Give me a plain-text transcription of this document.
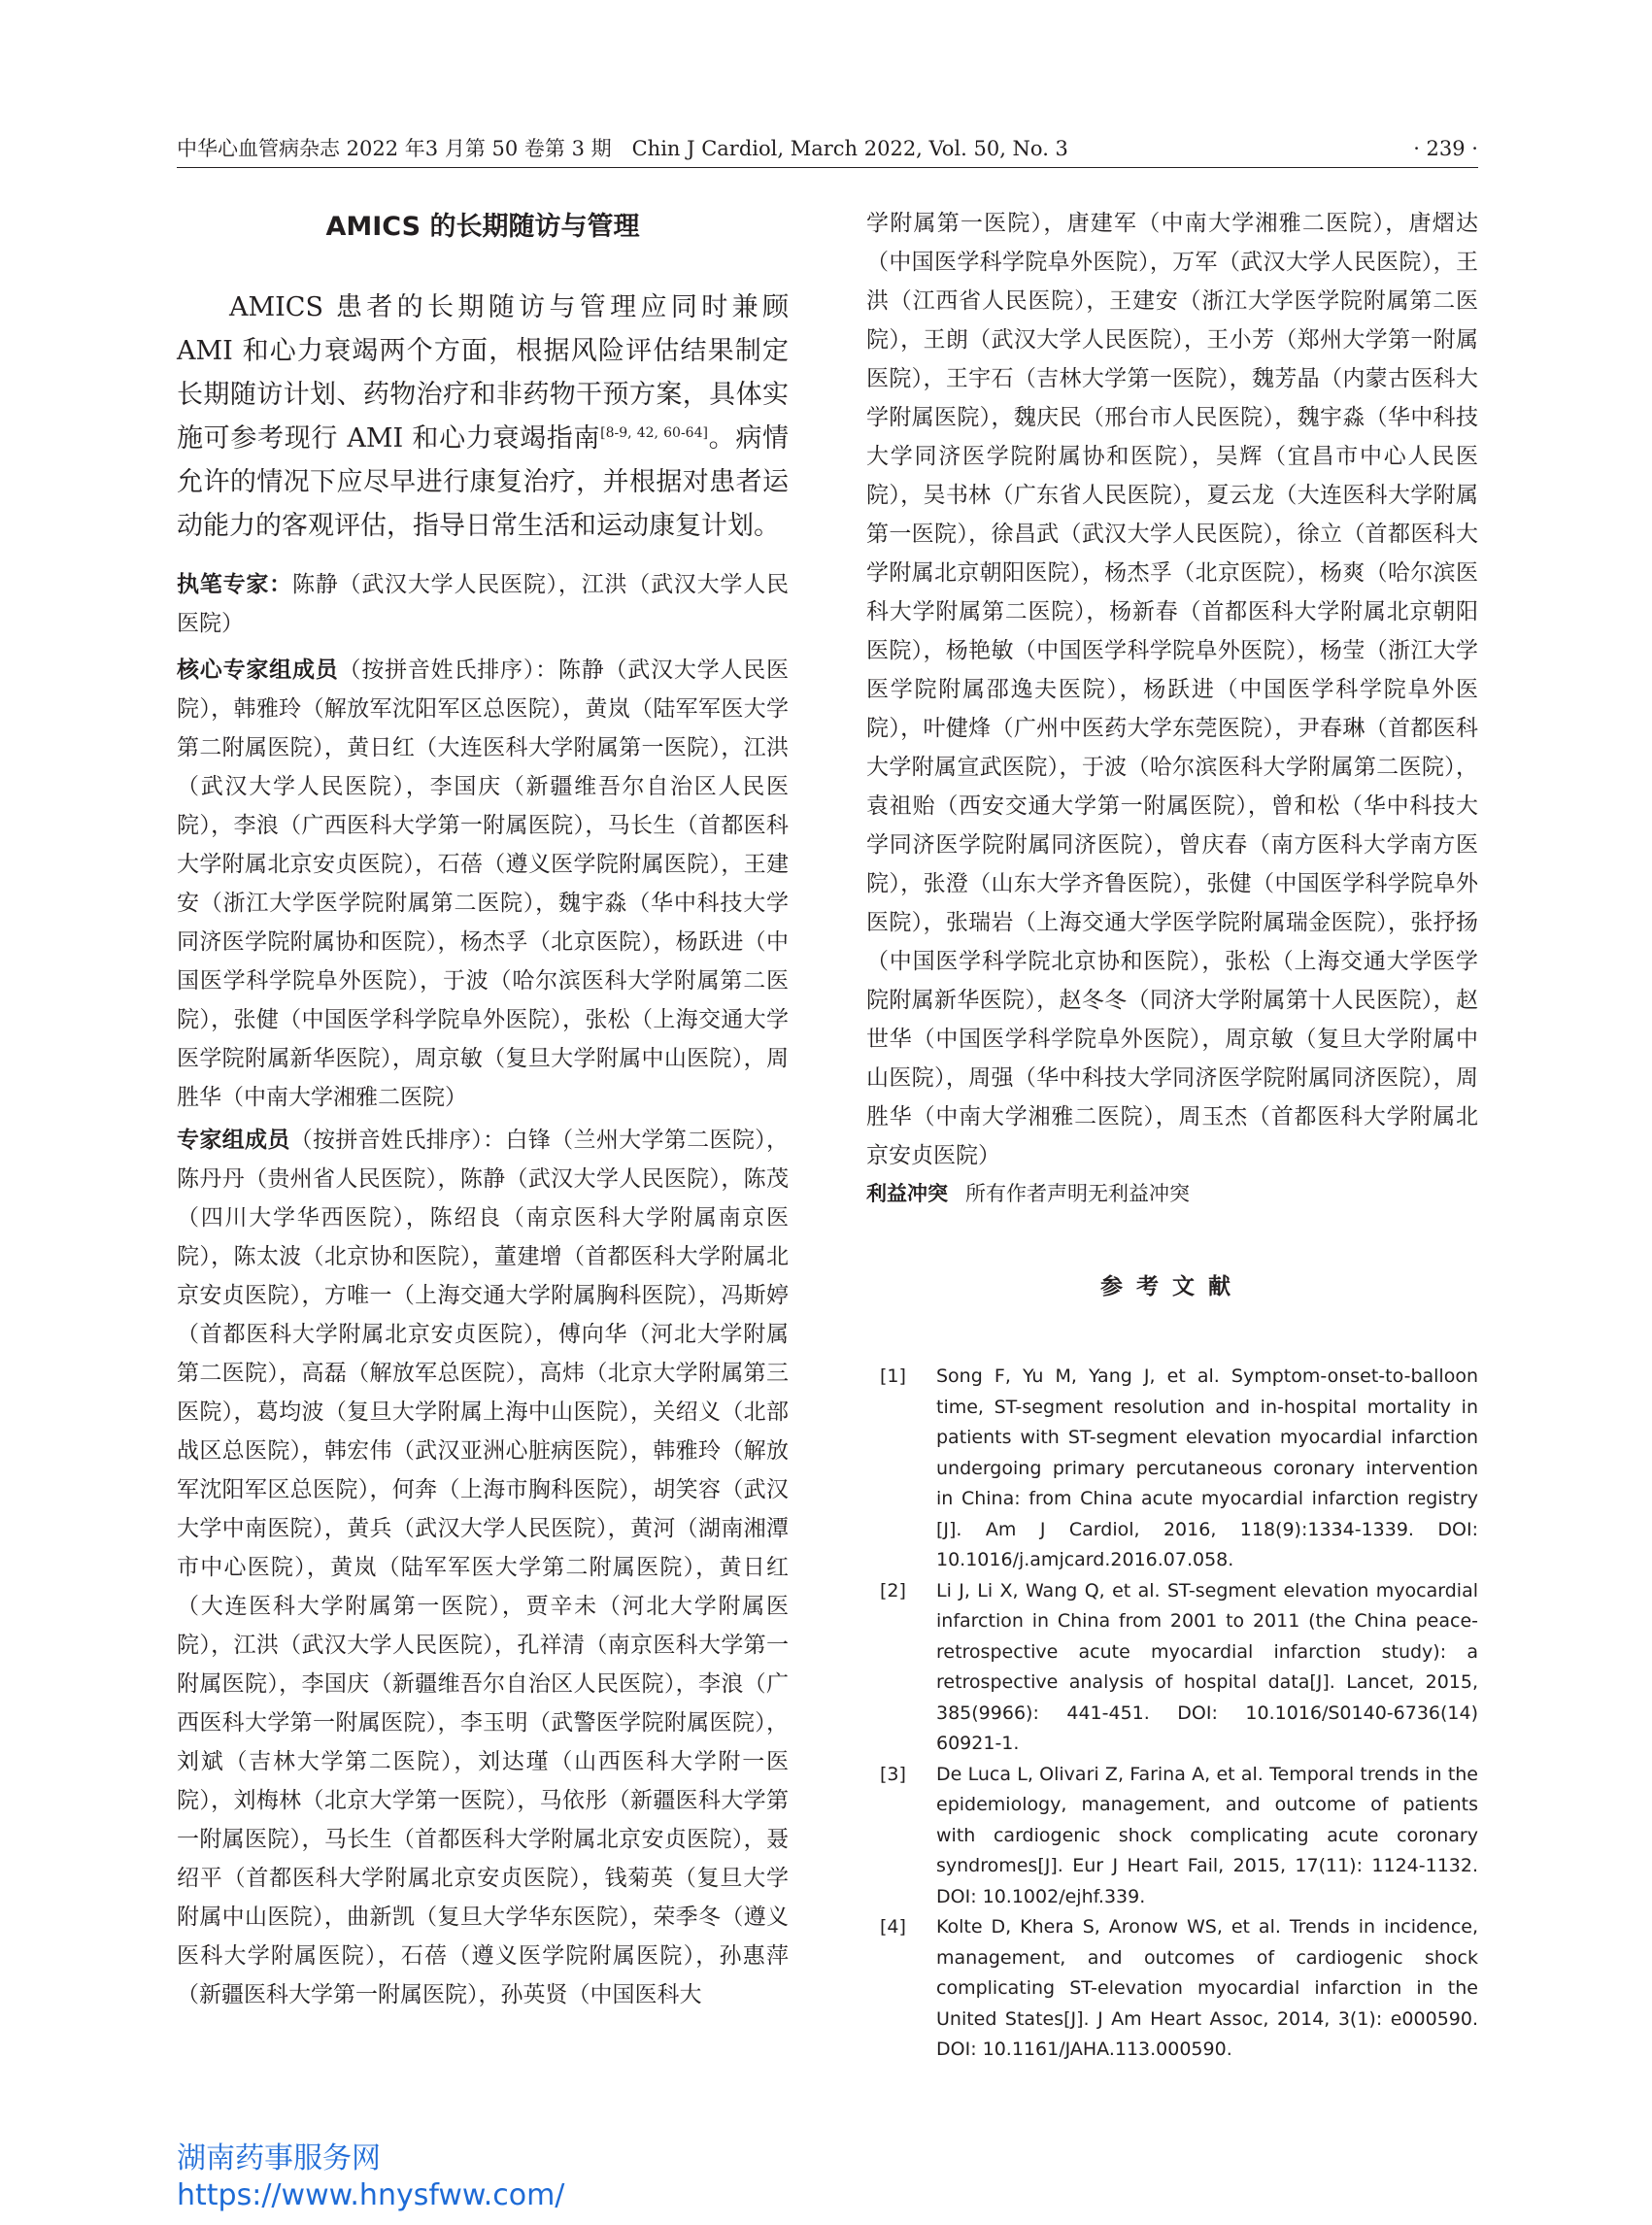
中华心血管病杂志 2022 年3 月第 50 卷第 3 期　Chin J Cardiol, March 2022, Vol. 50, No. 3	· 239 ·
AMICS 的长期随访与管理

AMICS 患者的长期随访与管理应同时兼顾 AMI 和心力衰竭两个方面，根据风险评估结果制定长期随访计划、药物治疗和非药物干预方案，具体实施可参考现行 AMI 和心力衰竭指南[8-9, 42, 60-64]。病情允许的情况下应尽早进行康复治疗，并根据对患者运动能力的客观评估，指导日常生活和运动康复计划。

执笔专家：陈静（武汉大学人民医院），江洪（武汉大学人民医院）

核心专家组成员（按拼音姓氏排序）：陈静（武汉大学人民医院），韩雅玲（解放军沈阳军区总医院），黄岚（陆军军医大学第二附属医院），黄日红（大连医科大学附属第一医院），江洪（武汉大学人民医院），李国庆（新疆维吾尔自治区人民医院），李浪（广西医科大学第一附属医院），马长生（首都医科大学附属北京安贞医院），石蓓（遵义医学院附属医院），王建安（浙江大学医学院附属第二医院），魏宇淼（华中科技大学同济医学院附属协和医院），杨杰孚（北京医院），杨跃进（中国医学科学院阜外医院），于波（哈尔滨医科大学附属第二医院），张健（中国医学科学院阜外医院），张松（上海交通大学医学院附属新华医院），周京敏（复旦大学附属中山医院），周胜华（中南大学湘雅二医院）

专家组成员（按拼音姓氏排序）：白锋（兰州大学第二医院），陈丹丹（贵州省人民医院），陈静（武汉大学人民医院），陈茂（四川大学华西医院），陈绍良（南京医科大学附属南京医院），陈太波（北京协和医院），董建增（首都医科大学附属北京安贞医院），方唯一（上海交通大学附属胸科医院），冯斯婷（首都医科大学附属北京安贞医院），傅向华（河北大学附属第二医院），高磊（解放军总医院），高炜（北京大学附属第三医院），葛均波（复旦大学附属上海中山医院），关绍义（北部战区总医院），韩宏伟（武汉亚洲心脏病医院），韩雅玲（解放军沈阳军区总医院），何奔（上海市胸科医院），胡笑容（武汉大学中南医院），黄兵（武汉大学人民医院），黄河（湖南湘潭市中心医院），黄岚（陆军军医大学第二附属医院），黄日红（大连医科大学附属第一医院），贾辛未（河北大学附属医院），江洪（武汉大学人民医院），孔祥清（南京医科大学第一附属医院），李国庆（新疆维吾尔自治区人民医院），李浪（广西医科大学第一附属医院），李玉明（武警医学院附属医院），刘斌（吉林大学第二医院），刘达瑾（山西医科大学附一医院），刘梅林（北京大学第一医院），马依彤（新疆医科大学第一附属医院），马长生（首都医科大学附属北京安贞医院），聂绍平（首都医科大学附属北京安贞医院），钱菊英（复旦大学附属中山医院），曲新凯（复旦大学华东医院），荣季冬（遵义医科大学附属医院），石蓓（遵义医学院附属医院），孙惠萍（新疆医科大学第一附属医院），孙英贤（中国医科大

学附属第一医院），唐建军（中南大学湘雅二医院），唐熠达（中国医学科学院阜外医院），万军（武汉大学人民医院），王洪（江西省人民医院），王建安（浙江大学医学院附属第二医院），王朗（武汉大学人民医院），王小芳（郑州大学第一附属医院），王宇石（吉林大学第一医院），魏芳晶（内蒙古医科大学附属医院），魏庆民（邢台市人民医院），魏宇淼（华中科技大学同济医学院附属协和医院），吴辉（宜昌市中心人民医院），吴书林（广东省人民医院），夏云龙（大连医科大学附属第一医院），徐昌武（武汉大学人民医院），徐立（首都医科大学附属北京朝阳医院），杨杰孚（北京医院），杨爽（哈尔滨医科大学附属第二医院），杨新春（首都医科大学附属北京朝阳医院），杨艳敏（中国医学科学院阜外医院），杨莹（浙江大学医学院附属邵逸夫医院），杨跃进（中国医学科学院阜外医院），叶健烽（广州中医药大学东莞医院），尹春琳（首都医科大学附属宣武医院），于波（哈尔滨医科大学附属第二医院），袁祖贻（西安交通大学第一附属医院），曾和松（华中科技大学同济医学院附属同济医院），曾庆春（南方医科大学南方医院），张澄（山东大学齐鲁医院），张健（中国医学科学院阜外医院），张瑞岩（上海交通大学医学院附属瑞金医院），张抒扬（中国医学科学院北京协和医院），张松（上海交通大学医学院附属新华医院），赵冬冬（同济大学附属第十人民医院），赵世华（中国医学科学院阜外医院），周京敏（复旦大学附属中山医院），周强（华中科技大学同济医学院附属同济医院），周胜华（中南大学湘雅二医院），周玉杰（首都医科大学附属北京安贞医院）

利益冲突 所有作者声明无利益冲突

参考文献
[1]	Song F, Yu M, Yang J, et al. Symptom-onset-to-balloon time, ST-segment resolution and in-hospital mortality in patients with ST-segment elevation myocardial infarction undergoing primary percutaneous coronary intervention in China: from China acute myocardial infarction registry [J]. Am J Cardiol, 2016, 118(9):1334-1339. DOI: 10.1016/j.amjcard.2016.07.058.
[2]	Li J, Li X, Wang Q, et al. ST-segment elevation myocardial infarction in China from 2001 to 2011 (the China peace-retrospective acute myocardial infarction study): a retrospective analysis of hospital data[J]. Lancet, 2015, 385(9966): 441-451. DOI: 10.1016/S0140-6736(14) 60921-1.
[3]	De Luca L, Olivari Z, Farina A, et al. Temporal trends in the epidemiology, management, and outcome of patients with cardiogenic shock complicating acute coronary syndromes[J]. Eur J Heart Fail, 2015, 17(11): 1124-1132. DOI: 10.1002/ejhf.339.
[4]	Kolte D, Khera S, Aronow WS, et al. Trends in incidence, management, and outcomes of cardiogenic shock complicating ST-elevation myocardial infarction in the United States[J]. J Am Heart Assoc, 2014, 3(1): e000590. DOI: 10.1161/JAHA.113.000590.
湖南药事服务网
https://www.hnysfww.com/
